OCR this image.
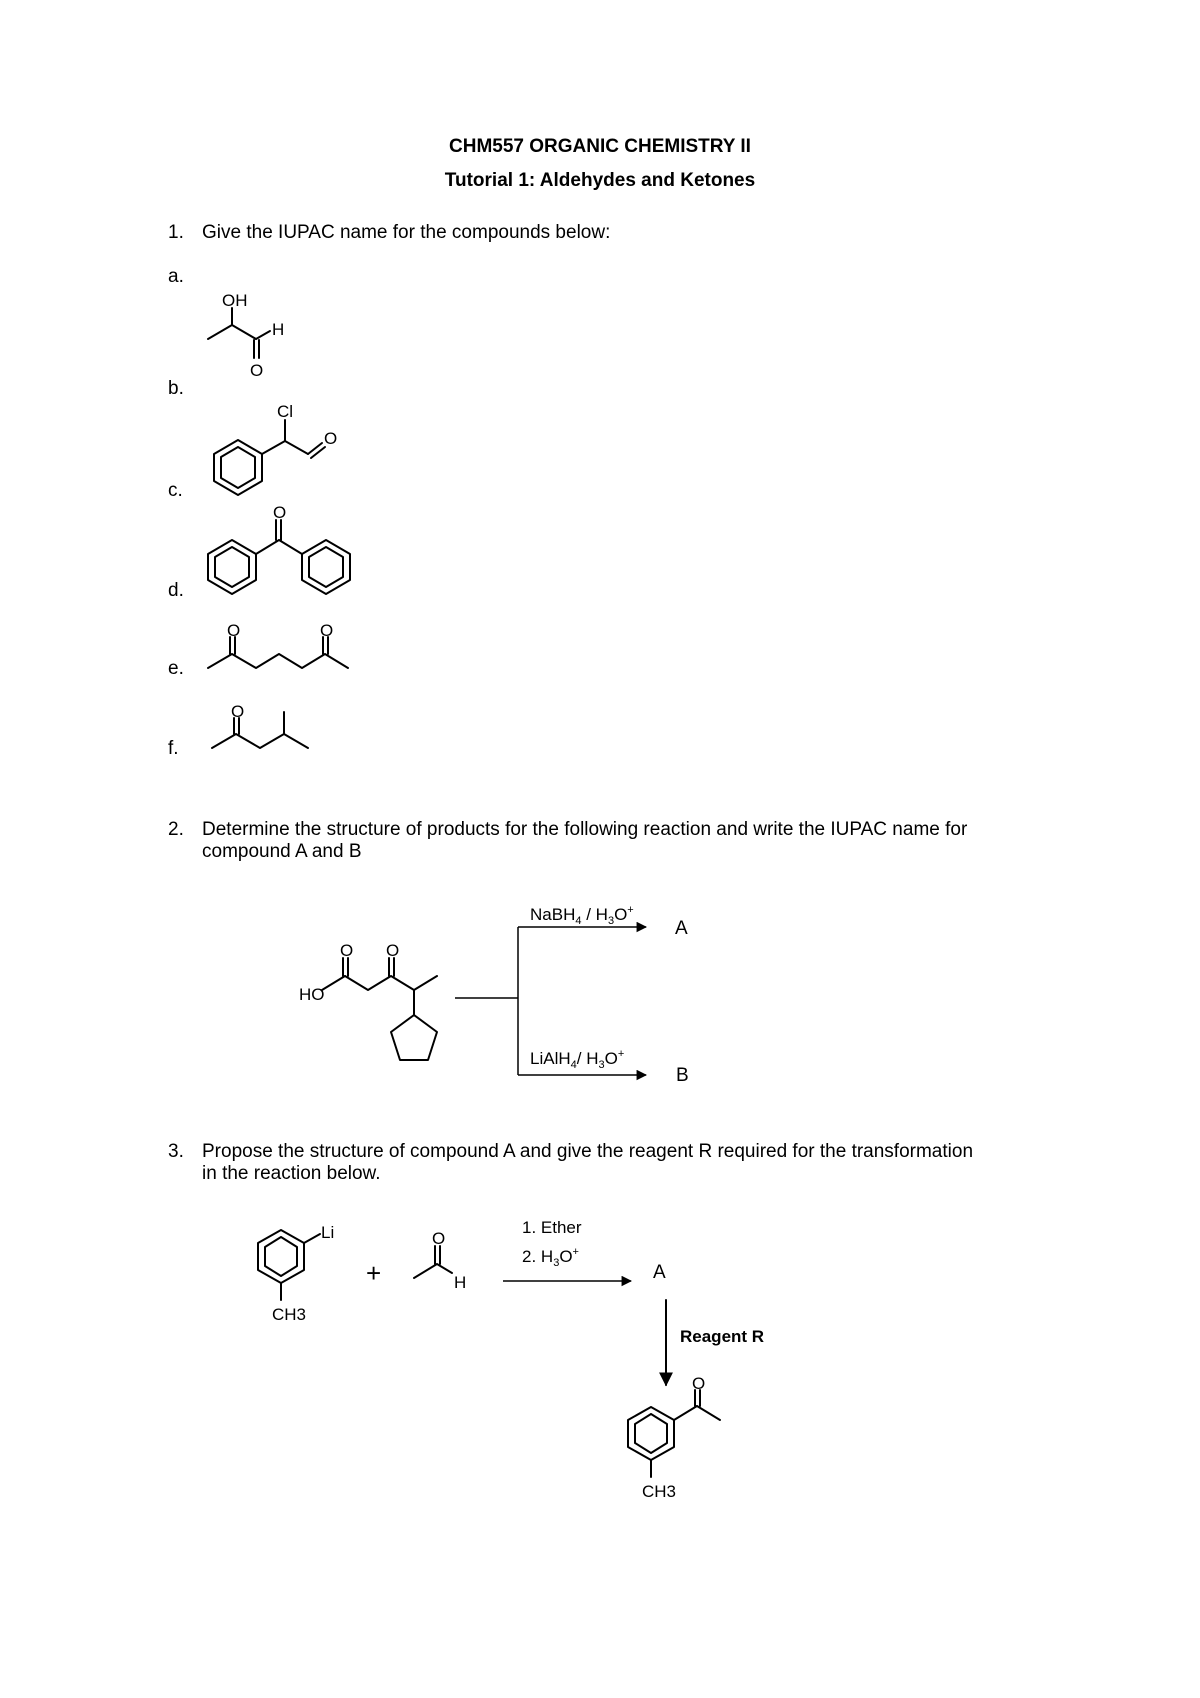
CHM557 ORGANIC CHEMISTRY II
Tutorial 1: Aldehydes and Ketones
1. Give the IUPAC name for the compounds below:
a.
b.
c.
d.
e.
f.
2. Determine the structure of products for the following reaction and write the IUPAC name for
compound A and B
3. Propose the structure of compound A and give the reagent R required for the transformation
in the reaction below.
OH
H
O
Cl
O
O
O	O
O
HO
O O
NaBH$_4$ / $H_3O^+$
A
LiAlH$_4$/ $H_3O^+$
B
Li
CH3
+
O
H
1. Ether
2. $H_3O^+$
A
Reagent R
O
CH3
